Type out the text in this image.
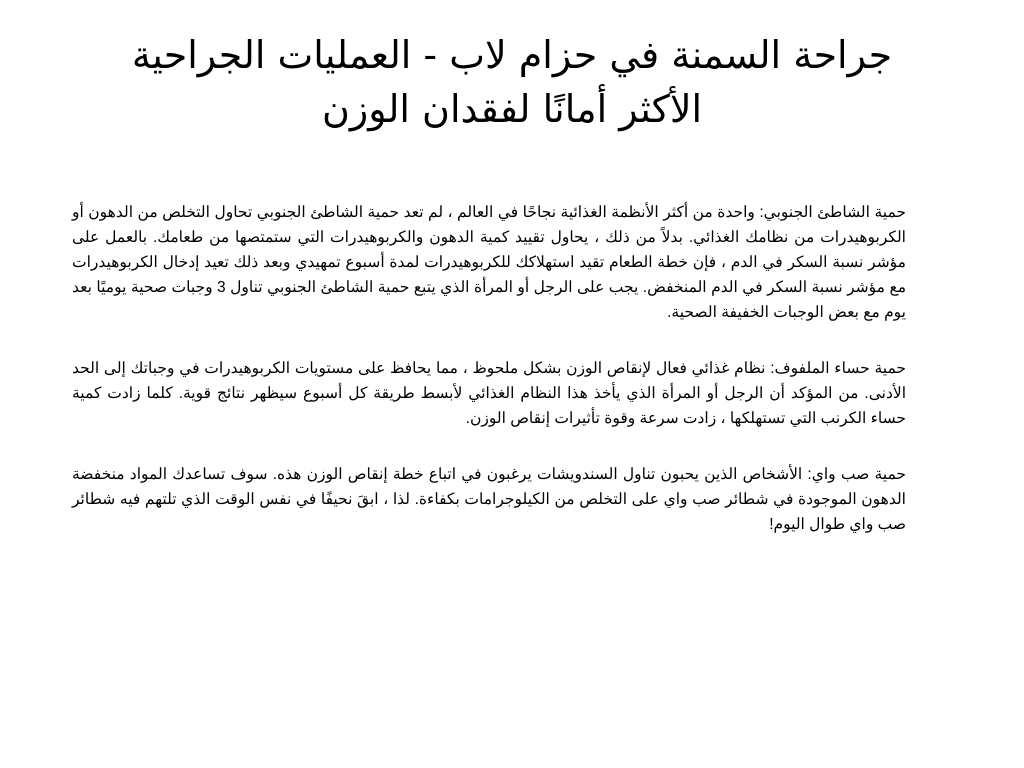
جراحة السمنة في حزام لاب - العمليات الجراحية
الأكثر أمانًا لفقدان الوزن

حمية الشاطئ الجنوبي: واحدة من أكثر الأنظمة الغذائية نجاحًا في العالم ، لم تعد حمية الشاطئ الجنوبي تحاول التخلص من الدهون أو الكربوهيدرات من نظامك الغذائي. بدلاً من ذلك ، يحاول تقييد كمية الدهون والكربوهيدرات التي ستمتصها من طعامك. بالعمل على مؤشر نسبة السكر في الدم ، فإن خطة الطعام تقيد استهلاكك للكربوهيدرات لمدة أسبوع تمهيدي وبعد ذلك تعيد إدخال الكربوهيدرات مع مؤشر نسبة السكر في الدم المنخفض. يجب على الرجل أو المرأة الذي يتبع حمية الشاطئ الجنوبي تناول 3 وجبات صحية يوميًا بعد يوم مع بعض الوجبات الخفيفة الصحية.

حمية حساء الملفوف: نظام غذائي فعال لإنقاص الوزن بشكل ملحوظ ، مما يحافظ على مستويات الكربوهيدرات في وجباتك إلى الحد الأدنى. من المؤكد أن الرجل أو المرأة الذي يأخذ هذا النظام الغذائي لأبسط طريقة كل أسبوع سيظهر نتائج قوية. كلما زادت كمية حساء الكرنب التي تستهلكها ، زادت سرعة وقوة تأثيرات إنقاص الوزن.

حمية صب واي: الأشخاص الذين يحبون تناول السندويشات يرغبون في اتباع خطة إنقاص الوزن هذه. سوف تساعدك المواد منخفضة الدهون الموجودة في شطائر صب واي على التخلص من الكيلوجرامات بكفاءة. لذا ، ابقَ نحيفًا في نفس الوقت الذي تلتهم فيه شطائر صب واي طوال اليوم!
